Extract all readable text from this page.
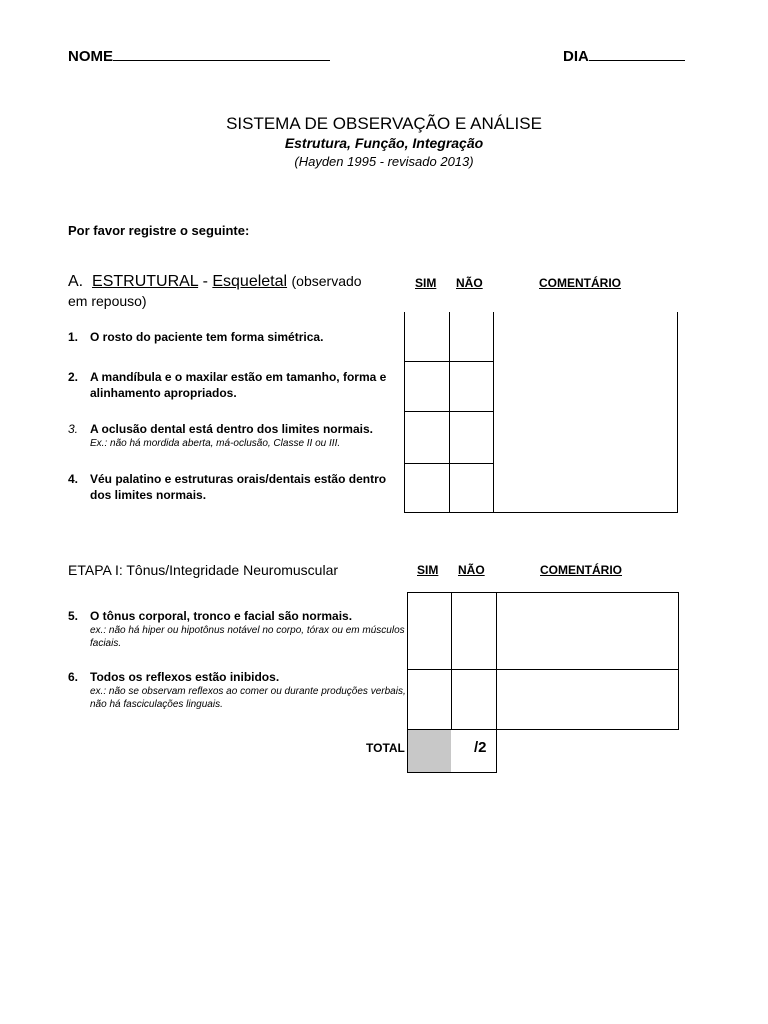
NOME	DIA
SISTEMA DE OBSERVAÇÃO E ANÁLISE
Estrutura, Função, Integração
(Hayden 1995 - revisado 2013)
Por favor registre o seguinte:
A. ESTRUTURAL - Esqueletal (observado
em repouso)
SIM NÃO	COMENTÁRIO
1. O rosto do paciente tem forma simétrica.
2. A mandíbula e o maxilar estão em tamanho, forma e alinhamento apropriados.
3. A oclusão dental está dentro dos limites normais.
Ex.: não há mordida aberta, má-oclusão, Classe II ou III.
4. Véu palatino e estruturas orais/dentais estão dentro dos limites normais.
ETAPA I: Tônus/Integridade Neuromuscular	SIM NÃO	COMENTÁRIO
5. O tônus corporal, tronco e facial são normais.
ex.: não há hiper ou hipotônus notável no corpo, tórax ou em músculos faciais.
6. Todos os reflexos estão inibidos.
ex.: não se observam reflexos ao comer ou durante produções verbais, não há fasciculações linguais.
TOTAL	/2
